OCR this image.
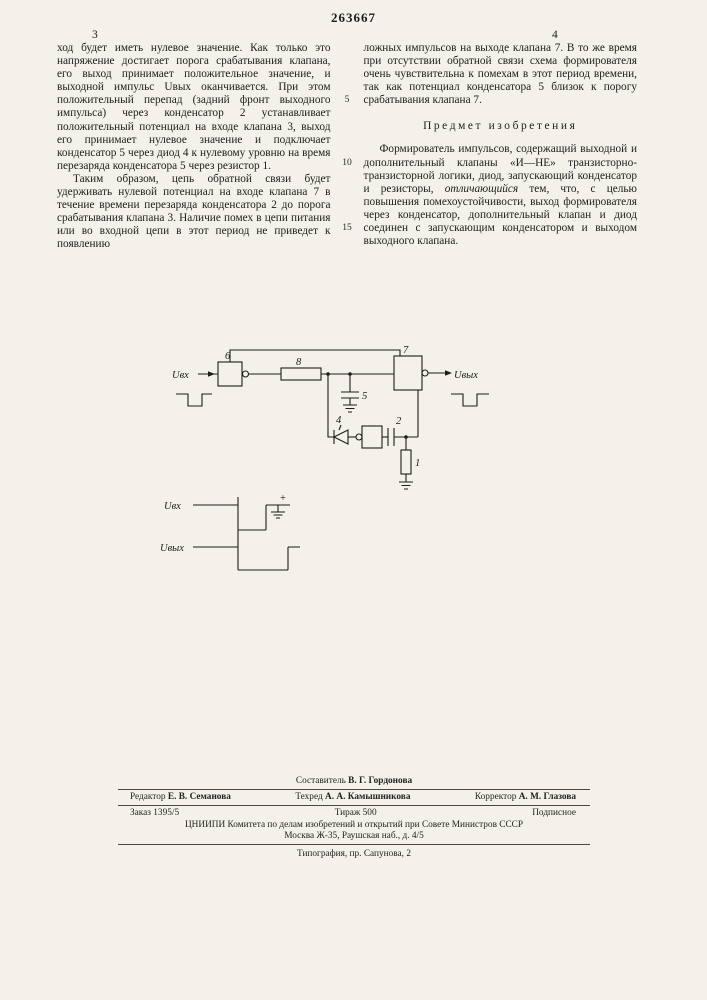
263667
3	4

ход будет иметь нулевое значение. Как только это напряжение достигает порога срабатывания клапана, его выход принимает положительное значение, и выходной импульс Uвых оканчивается. При этом положительный перепад (задний фронт выходного импульса) через конденсатор 2 устанавливает положительный потенциал на входе клапана 3, выход его принимает нулевое значение и подключает конденсатор 5 через диод 4 к нулевому уровню на время перезаряда конденсатора 5 через резистор 1.

Таким образом, цепь обратной связи будет удерживать нулевой потенциал на входе клапана 7 в течение времени перезаряда конденсатора 2 до порога срабатывания клапана 3. Наличие помех в цепи питания или во входной цепи в этот период не приведет к появлению

ложных импульсов на выходе клапана 7. В то же время при отсутствии обратной связи схема формирователя очень чувствительна к помехам в этот период времени, так как потенциал конденсатора 5 близок к порогу срабатывания клапана 7.

Предмет изобретения

Формирователь импульсов, содержащий выходной и дополнительный клапаны «И—НЕ» транзисторно-транзисторной логики, диод, запускающий конденсатор и резисторы, отличающийся тем, что, с целью повышения помехоустойчивости, выход формирователя через конденсатор, дополнительный клапан и диод соединен с запускающим конденсатором и выходом выходного клапана.

5
10
15
6
8
7
5
4	2
1
Uвх	Uвых
+
Uвх
Uвых
Составитель В. Г. Гордонова
Редактор Е. В. Семанова	Техред А. А. Камышникова	Корректор А. М. Глазова
Заказ 1395/5	Тираж 500	Подписное
ЦНИИПИ Комитета по делам изобретений и открытий при Совете Министров СССР
Москва Ж-35, Раушская наб., д. 4/5
Типография, пр. Сапунова, 2
